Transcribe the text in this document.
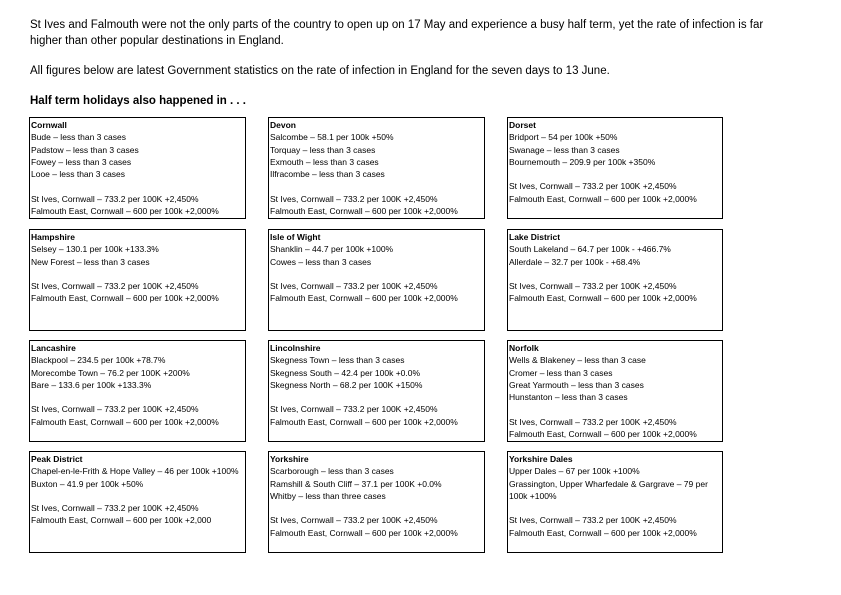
St Ives and Falmouth were not the only parts of the country to open up on 17 May and experience a busy half term, yet the rate of infection is far higher than other popular destinations in England.

All figures below are latest Government statistics on the rate of infection in England for the seven days to 13 June.

Half term holidays also happened in . . .

Cornwall
Bude – less than 3 cases
Padstow – less than 3 cases
Fowey – less than 3 cases
Looe – less than 3 cases
St Ives, Cornwall – 733.2 per 100K +2,450%
Falmouth East, Cornwall – 600 per 100k +2,000%
Devon
Salcombe – 58.1 per 100k +50%
Torquay – less than 3 cases
Exmouth – less than 3 cases
Ilfracombe – less than 3 cases
St Ives, Cornwall – 733.2 per 100K +2,450%
Falmouth East, Cornwall – 600 per 100k +2,000%
Dorset
Bridport – 54 per 100k +50%
Swanage – less than 3 cases
Bournemouth – 209.9 per 100k +350%
St Ives, Cornwall – 733.2 per 100K +2,450%
Falmouth East, Cornwall – 600 per 100k +2,000%
Hampshire
Selsey – 130.1 per 100k +133.3%
New Forest – less than 3 cases
St Ives, Cornwall – 733.2 per 100K +2,450%
Falmouth East, Cornwall – 600 per 100k +2,000%
Isle of Wight
Shanklin – 44.7 per 100k +100%
Cowes – less than 3 cases
St Ives, Cornwall – 733.2 per 100K +2,450%
Falmouth East, Cornwall – 600 per 100k +2,000%
Lake District
South Lakeland – 64.7 per 100k - +466.7%
Allerdale – 32.7 per 100k - +68.4%
St Ives, Cornwall – 733.2 per 100K +2,450%
Falmouth East, Cornwall – 600 per 100k +2,000%
Lancashire
Blackpool – 234.5 per 100k +78.7%
Morecombe Town – 76.2 per 100K +200%
Bare – 133.6 per 100k +133.3%
St Ives, Cornwall – 733.2 per 100K +2,450%
Falmouth East, Cornwall – 600 per 100k +2,000%
Lincolnshire
Skegness Town – less than 3 cases
Skegness South – 42.4 per 100k +0.0%
Skegness North – 68.2 per 100K +150%
St Ives, Cornwall – 733.2 per 100K +2,450%
Falmouth East, Cornwall – 600 per 100k +2,000%
Norfolk
Wells & Blakeney – less than 3 case
Cromer – less than 3 cases
Great Yarmouth – less than 3 cases
Hunstanton – less than 3 cases
St Ives, Cornwall – 733.2 per 100K +2,450%
Falmouth East, Cornwall – 600 per 100k +2,000%
Peak District
Chapel-en-le-Frith & Hope Valley – 46 per 100k +100%
Buxton – 41.9 per 100k +50%
St Ives, Cornwall – 733.2 per 100K +2,450%
Falmouth East, Cornwall – 600 per 100k +2,000
Yorkshire
Scarborough – less than 3 cases
Ramshill & South Cliff – 37.1 per 100K +0.0%
Whitby – less than three cases
St Ives, Cornwall – 733.2 per 100K +2,450%
Falmouth East, Cornwall – 600 per 100k +2,000%
Yorkshire Dales
Upper Dales – 67 per 100k +100%
Grassington, Upper Wharfedale & Gargrave – 79 per 100k +100%
St Ives, Cornwall – 733.2 per 100K +2,450%
Falmouth East, Cornwall – 600 per 100k +2,000%
